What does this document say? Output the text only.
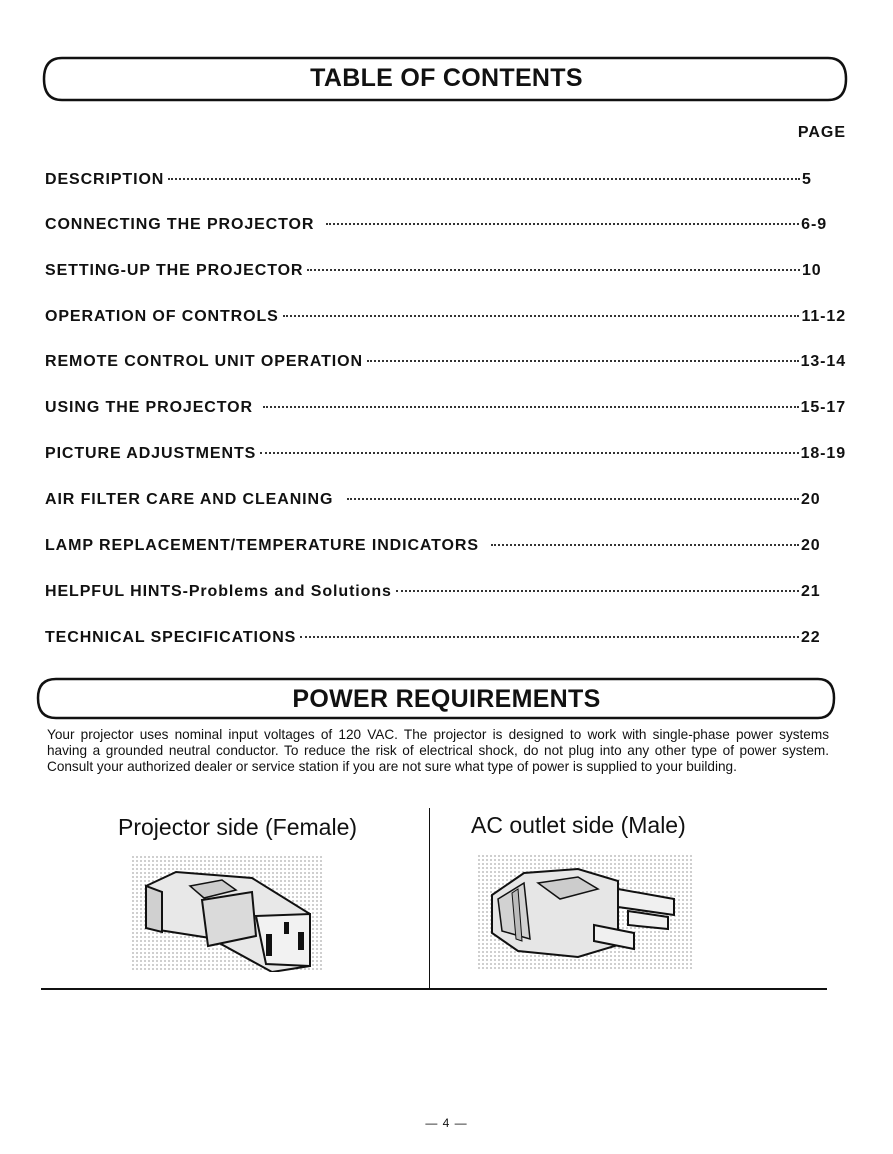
TABLE OF CONTENTS
PAGE
DESCRIPTION	5
CONNECTING THE PROJECTOR	6-9
SETTING-UP THE PROJECTOR	10
OPERATION OF CONTROLS	11-12
REMOTE CONTROL UNIT OPERATION	13-14
USING THE PROJECTOR	15-17
PICTURE ADJUSTMENTS	18-19
AIR FILTER CARE AND CLEANING	20
LAMP REPLACEMENT/TEMPERATURE INDICATORS	20
HELPFUL HINTS-Problems and Solutions	21
TECHNICAL SPECIFICATIONS	22
POWER REQUIREMENTS
Your projector uses nominal input voltages of 120 VAC. The projector is designed to work with single-phase power systems having a grounded neutral conductor. To reduce the risk of electrical shock, do not plug into any other type of power system. Consult your authorized dealer or service station if you are not sure what type of power is supplied to your building.
Projector side (Female)	AC outlet side (Male)
— 4 —
